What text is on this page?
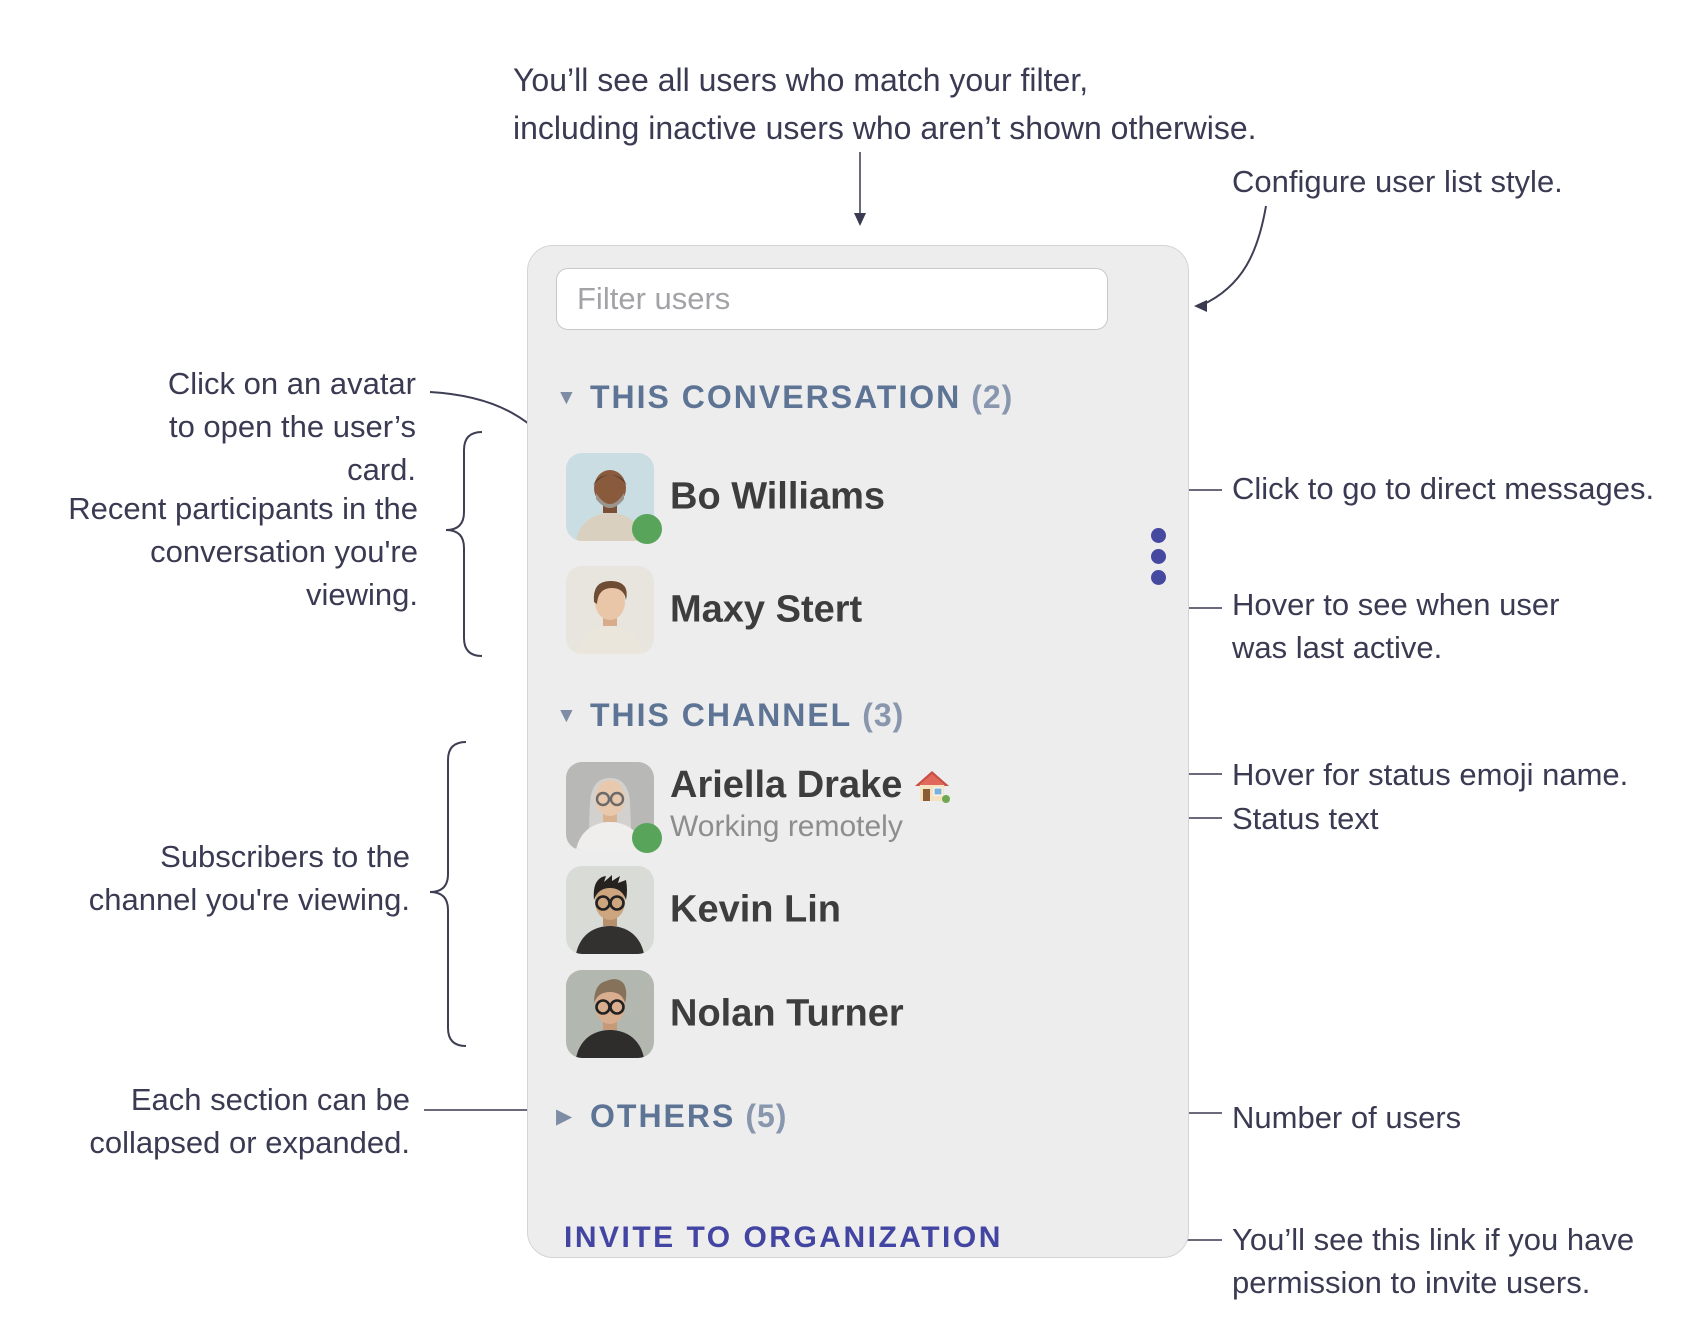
You’ll see all users who match your filter,
including inactive users who aren’t shown otherwise.
Configure user list style.
Click on an avatar
to open the user’s card.
Recent participants in the
conversation you're viewing.
Click to go to direct messages.
Hover to see when user
was last active.
Hover for status emoji name.
Status text
Subscribers to the
channel you're viewing.
Each section can be
collapsed or expanded.
Number of users
You’ll see this link if you have
permission to invite users.
Filter users
▼ THIS CONVERSATION (2)
Bo Williams
Maxy Stert
▼ THIS CHANNEL (3)
Ariella Drake
Working remotely
Kevin Lin
Nolan Turner
▶ OTHERS (5)
INVITE TO ORGANIZATION
